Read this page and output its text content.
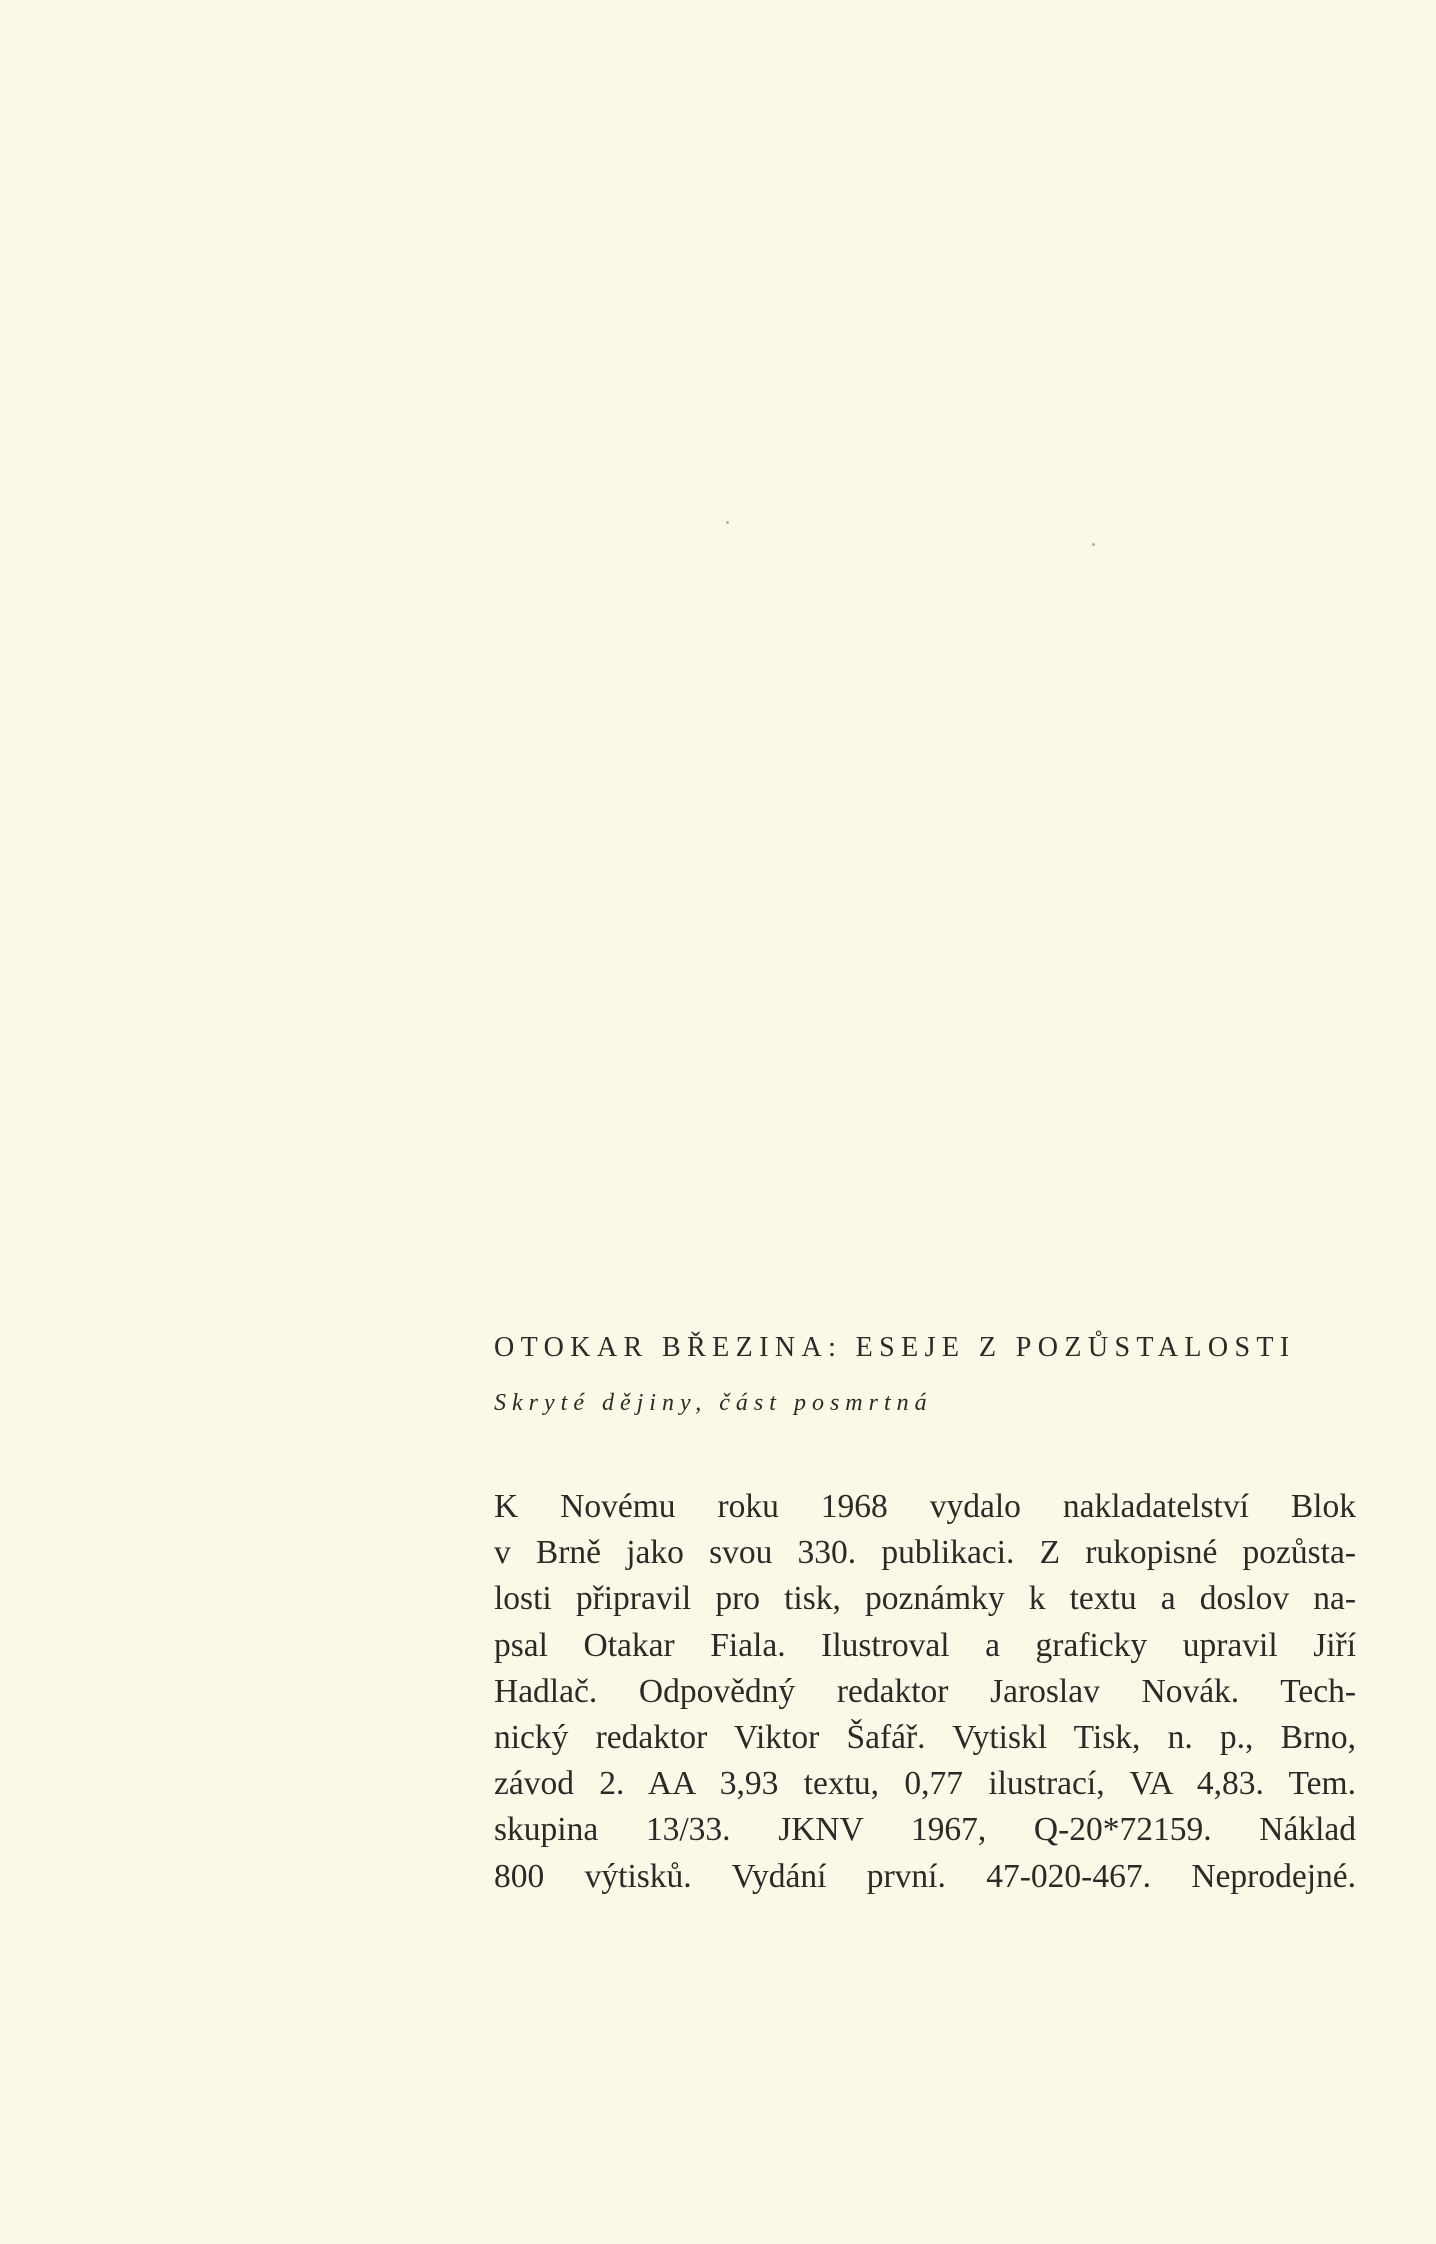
OTOKAR BŘEZINA: ESEJE Z POZŮSTALOSTI

Skryté dějiny, část posmrtná

K Novému roku 1968 vydalo nakladatelství Blok
v Brně jako svou 330. publikaci. Z rukopisné pozůsta-
losti připravil pro tisk, poznámky k textu a doslov na-
psal Otakar Fiala. Ilustroval a graficky upravil Jiří
Hadlač. Odpovědný redaktor Jaroslav Novák. Tech-
nický redaktor Viktor Šafář. Vytiskl Tisk, n. p., Brno,
závod 2. AA 3,93 textu, 0,77 ilustrací, VA 4,83. Tem.
skupina 13/33. JKNV 1967, Q-20*72159. Náklad
800 výtisků. Vydání první. 47-020-467. Neprodejné.
